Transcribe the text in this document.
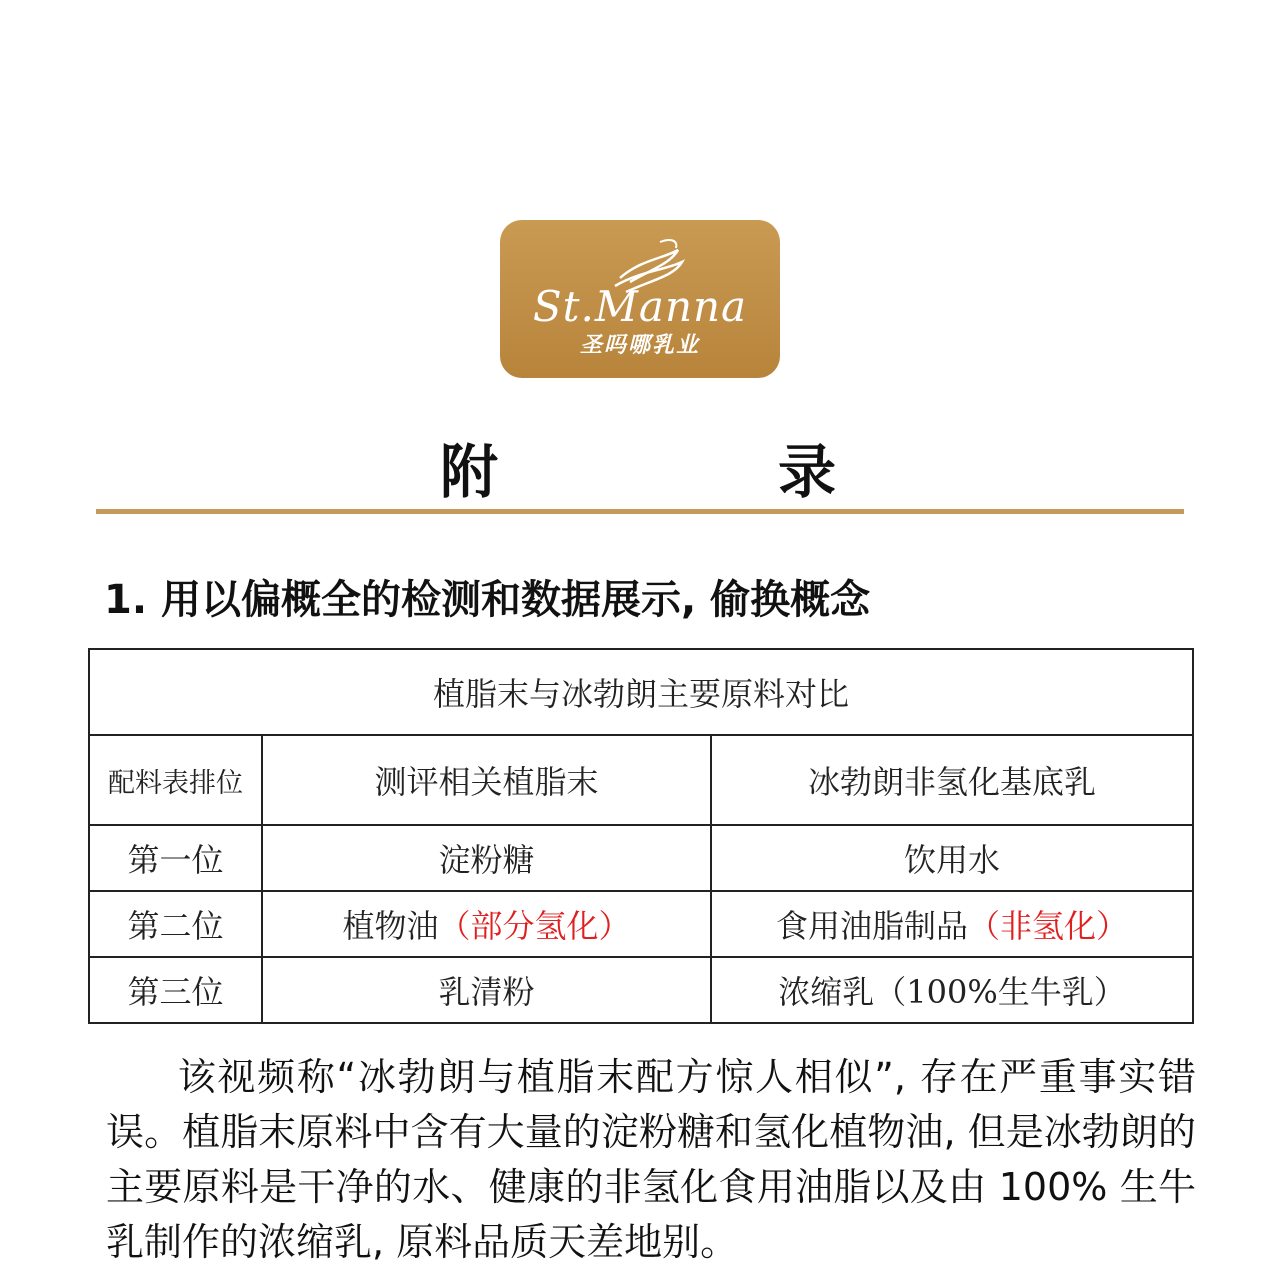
St.Manna
圣吗哪乳业
附	录
1. 用以偏概全的检测和数据展示, 偷换概念
植脂末与冰勃朗主要原料对比		
配料表排位	测评相关植脂末	冰勃朗非氢化基底乳
第一位	淀粉糖	饮用水
第二位	植物油（部分氢化）	食用油脂制品（非氢化）
第三位	乳清粉	浓缩乳（100%生牛乳）
该视频称“冰勃朗与植脂末配方惊人相似”, 存在严重事实错误。植脂末原料中含有大量的淀粉糖和氢化植物油, 但是冰勃朗的主要原料是干净的水、健康的非氢化食用油脂以及由 100% 生牛乳制作的浓缩乳, 原料品质天差地别。
